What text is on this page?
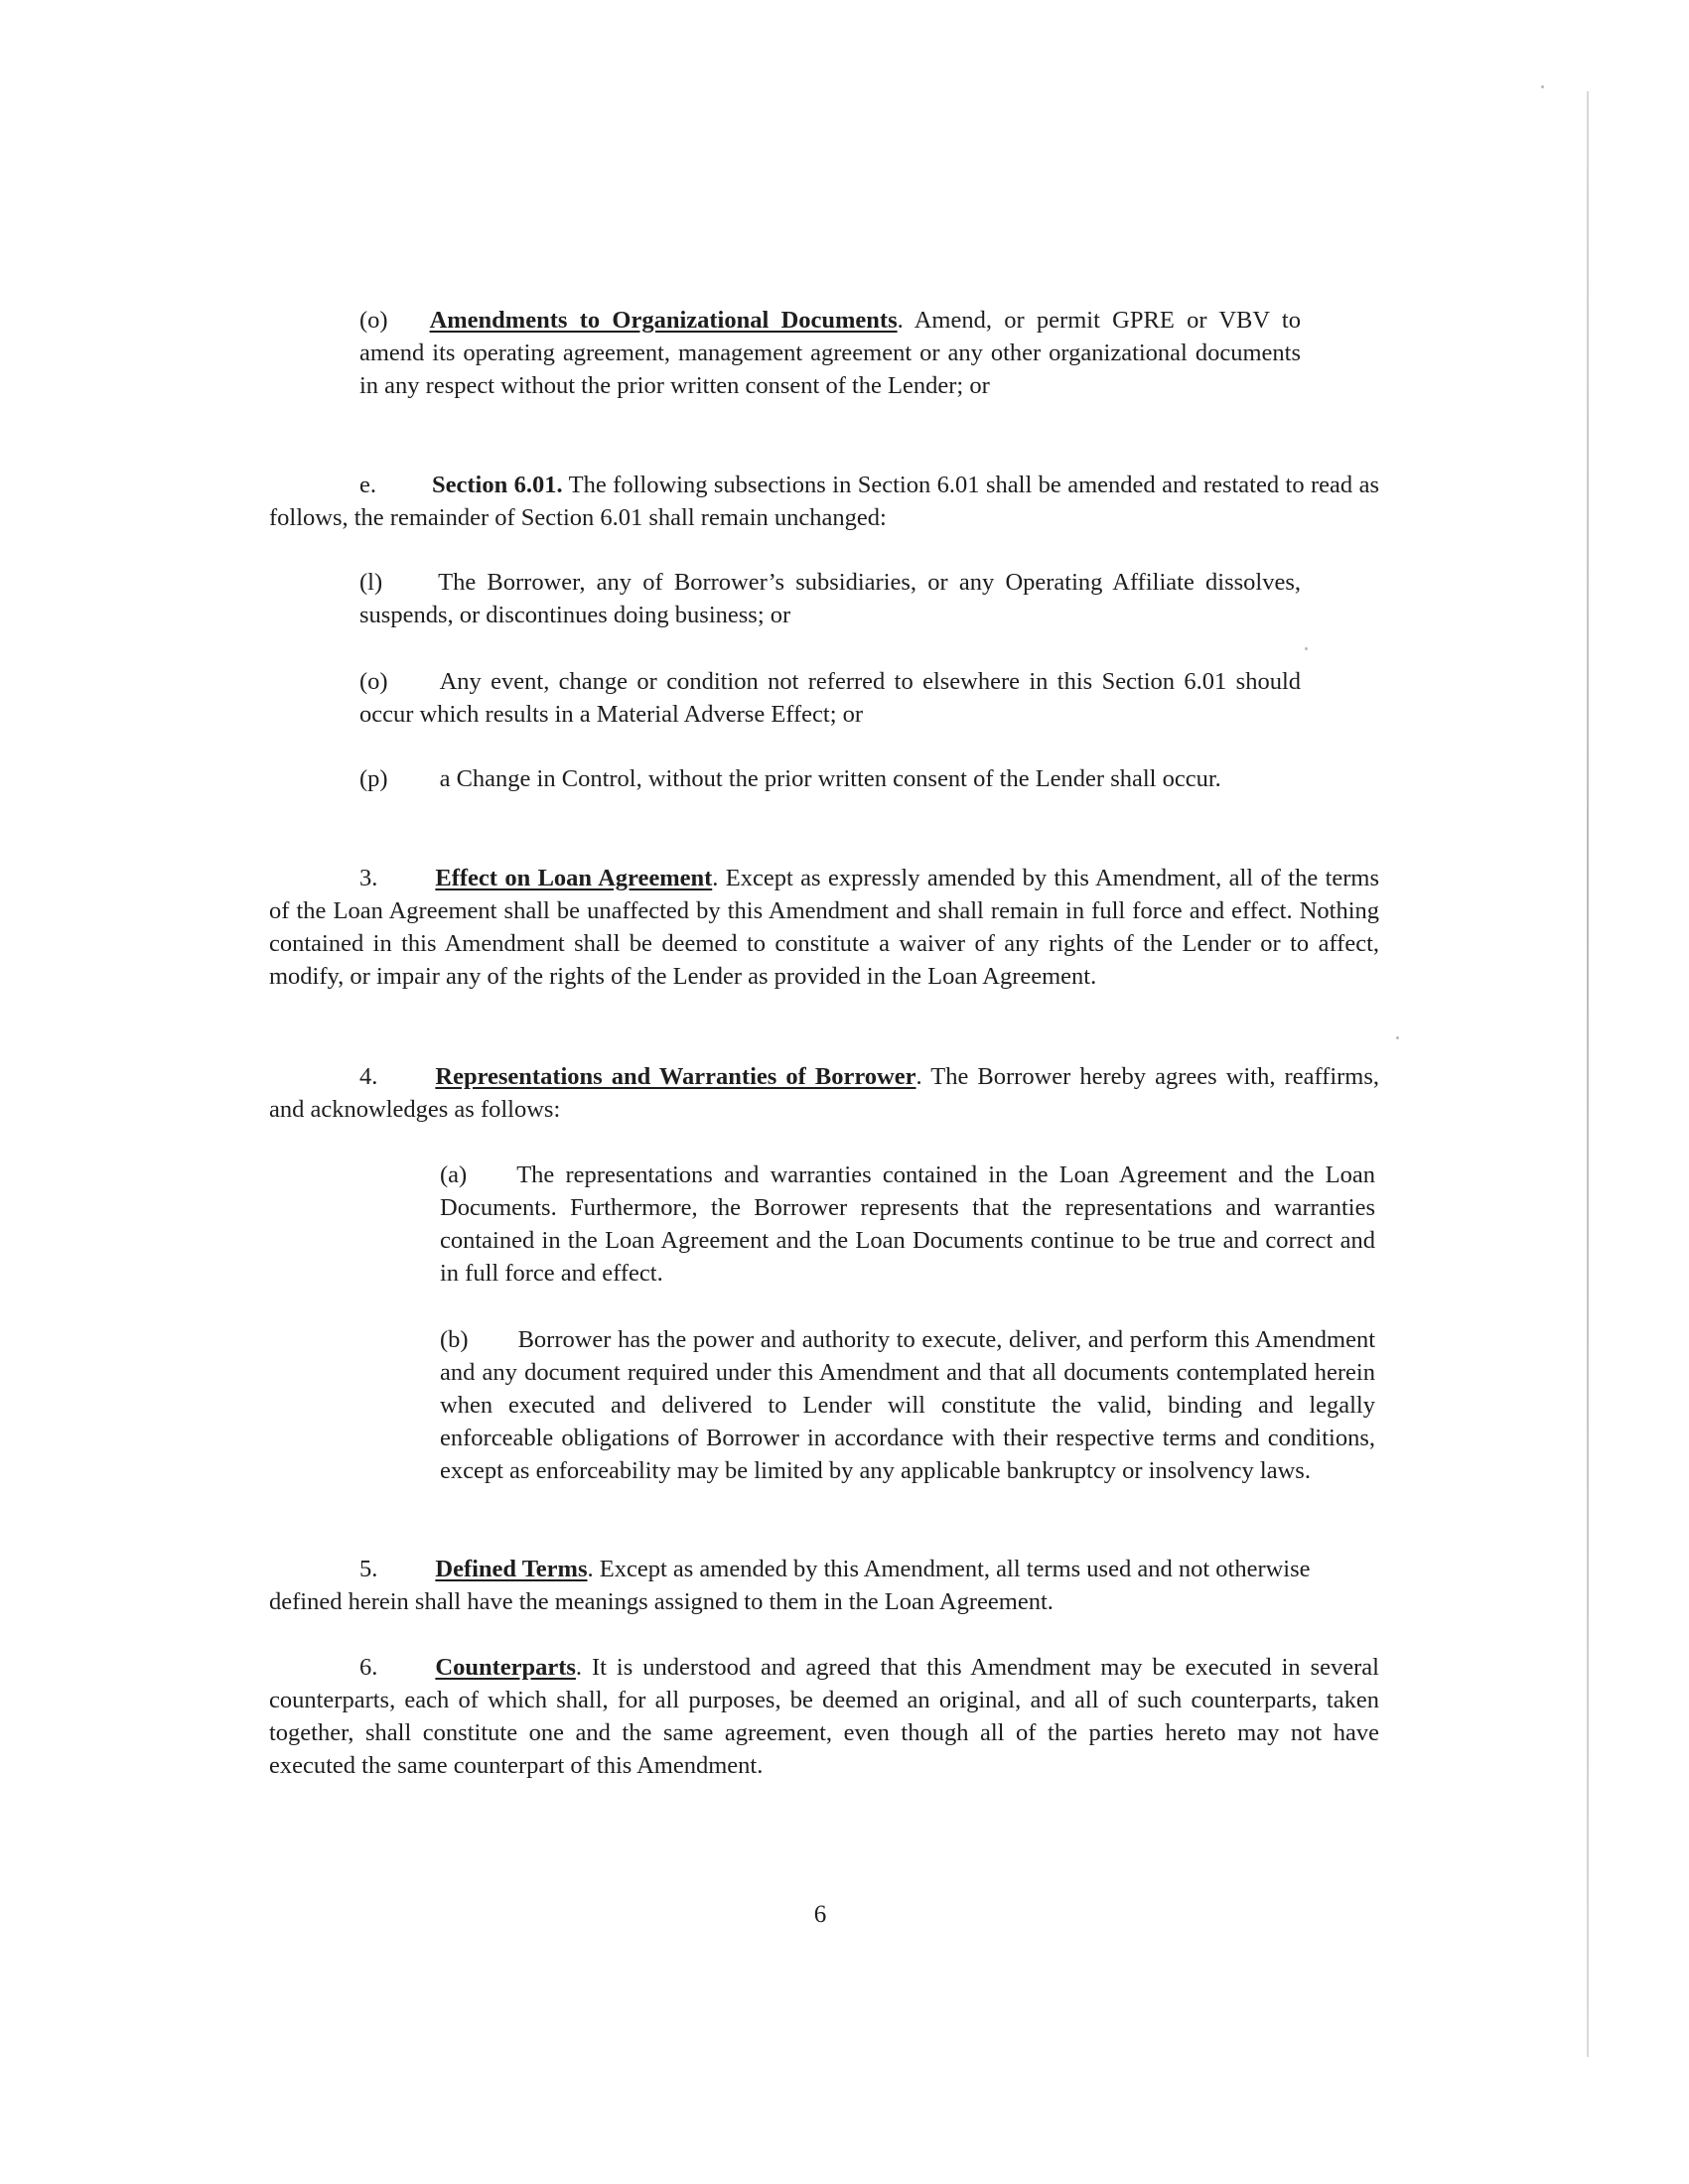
(o) Amendments to Organizational Documents. Amend, or permit GPRE or VBV to amend its operating agreement, management agreement or any other organizational documents in any respect without the prior written consent of the Lender; or

e. Section 6.01. The following subsections in Section 6.01 shall be amended and restated to read as follows, the remainder of Section 6.01 shall remain unchanged:

(l) The Borrower, any of Borrower’s subsidiaries, or any Operating Affiliate dissolves, suspends, or discontinues doing business; or

(o) Any event, change or condition not referred to elsewhere in this Section 6.01 should occur which results in a Material Adverse Effect; or

(p) a Change in Control, without the prior written consent of the Lender shall occur.

3. Effect on Loan Agreement. Except as expressly amended by this Amendment, all of the terms of the Loan Agreement shall be unaffected by this Amendment and shall remain in full force and effect. Nothing contained in this Amendment shall be deemed to constitute a waiver of any rights of the Lender or to affect, modify, or impair any of the rights of the Lender as provided in the Loan Agreement.

4. Representations and Warranties of Borrower. The Borrower hereby agrees with, reaffirms, and acknowledges as follows:

(a) The representations and warranties contained in the Loan Agreement and the Loan Documents. Furthermore, the Borrower represents that the representations and warranties contained in the Loan Agreement and the Loan Documents continue to be true and correct and in full force and effect.

(b) Borrower has the power and authority to execute, deliver, and perform this Amendment and any document required under this Amendment and that all documents contemplated herein when executed and delivered to Lender will constitute the valid, binding and legally enforceable obligations of Borrower in accordance with their respective terms and conditions, except as enforceability may be limited by any applicable bankruptcy or insolvency laws.

5. Defined Terms. Except as amended by this Amendment, all terms used and not otherwise defined herein shall have the meanings assigned to them in the Loan Agreement.

6. Counterparts. It is understood and agreed that this Amendment may be executed in several counterparts, each of which shall, for all purposes, be deemed an original, and all of such counterparts, taken together, shall constitute one and the same agreement, even though all of the parties hereto may not have executed the same counterpart of this Amendment.

6
